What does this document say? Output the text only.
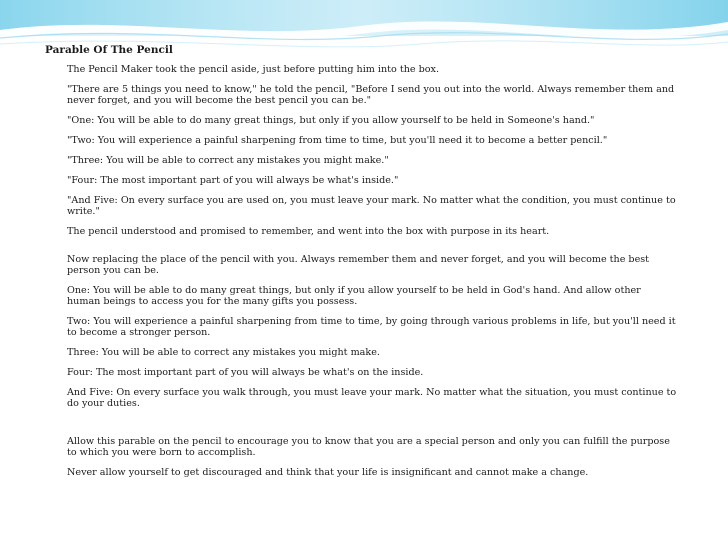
Parable Of The Pencil

The Pencil Maker took the pencil aside, just before putting him into the box.

"There are 5 things you need to know," he told the pencil, "Before I send you out into the world. Always remember them and never forget, and you will become the best pencil you can be."

"One: You will be able to do many great things, but only if you allow yourself to be held in Someone's hand."

"Two: You will experience a painful sharpening from time to time, but you'll need it to become a better pencil."

"Three: You will be able to correct any mistakes you might make."

"Four: The most important part of you will always be what's inside."

"And Five: On every surface you are used on, you must leave your mark. No matter what the condition, you must continue to write."

The pencil understood and promised to remember, and went into the box with purpose in its heart.

Now replacing the place of the pencil with you. Always remember them and never forget, and you will become the best person you can be.

One: You will be able to do many great things, but only if you allow yourself to be held in God's hand. And allow other human beings to access you for the many gifts you possess.

Two: You will experience a painful sharpening from time to time, by going through various problems in life, but you'll need it to become a stronger person.

Three: You will be able to correct any mistakes you might make.

Four: The most important part of you will always be what's on the inside.

And Five: On every surface you walk through, you must leave your mark. No matter what the situation, you must continue to do your duties.

Allow this parable on the pencil to encourage you to know that you are a special person and only you can fulfill the purpose to which you were born to accomplish.

Never allow yourself to get discouraged and think that your life is insignificant and cannot make a change.
